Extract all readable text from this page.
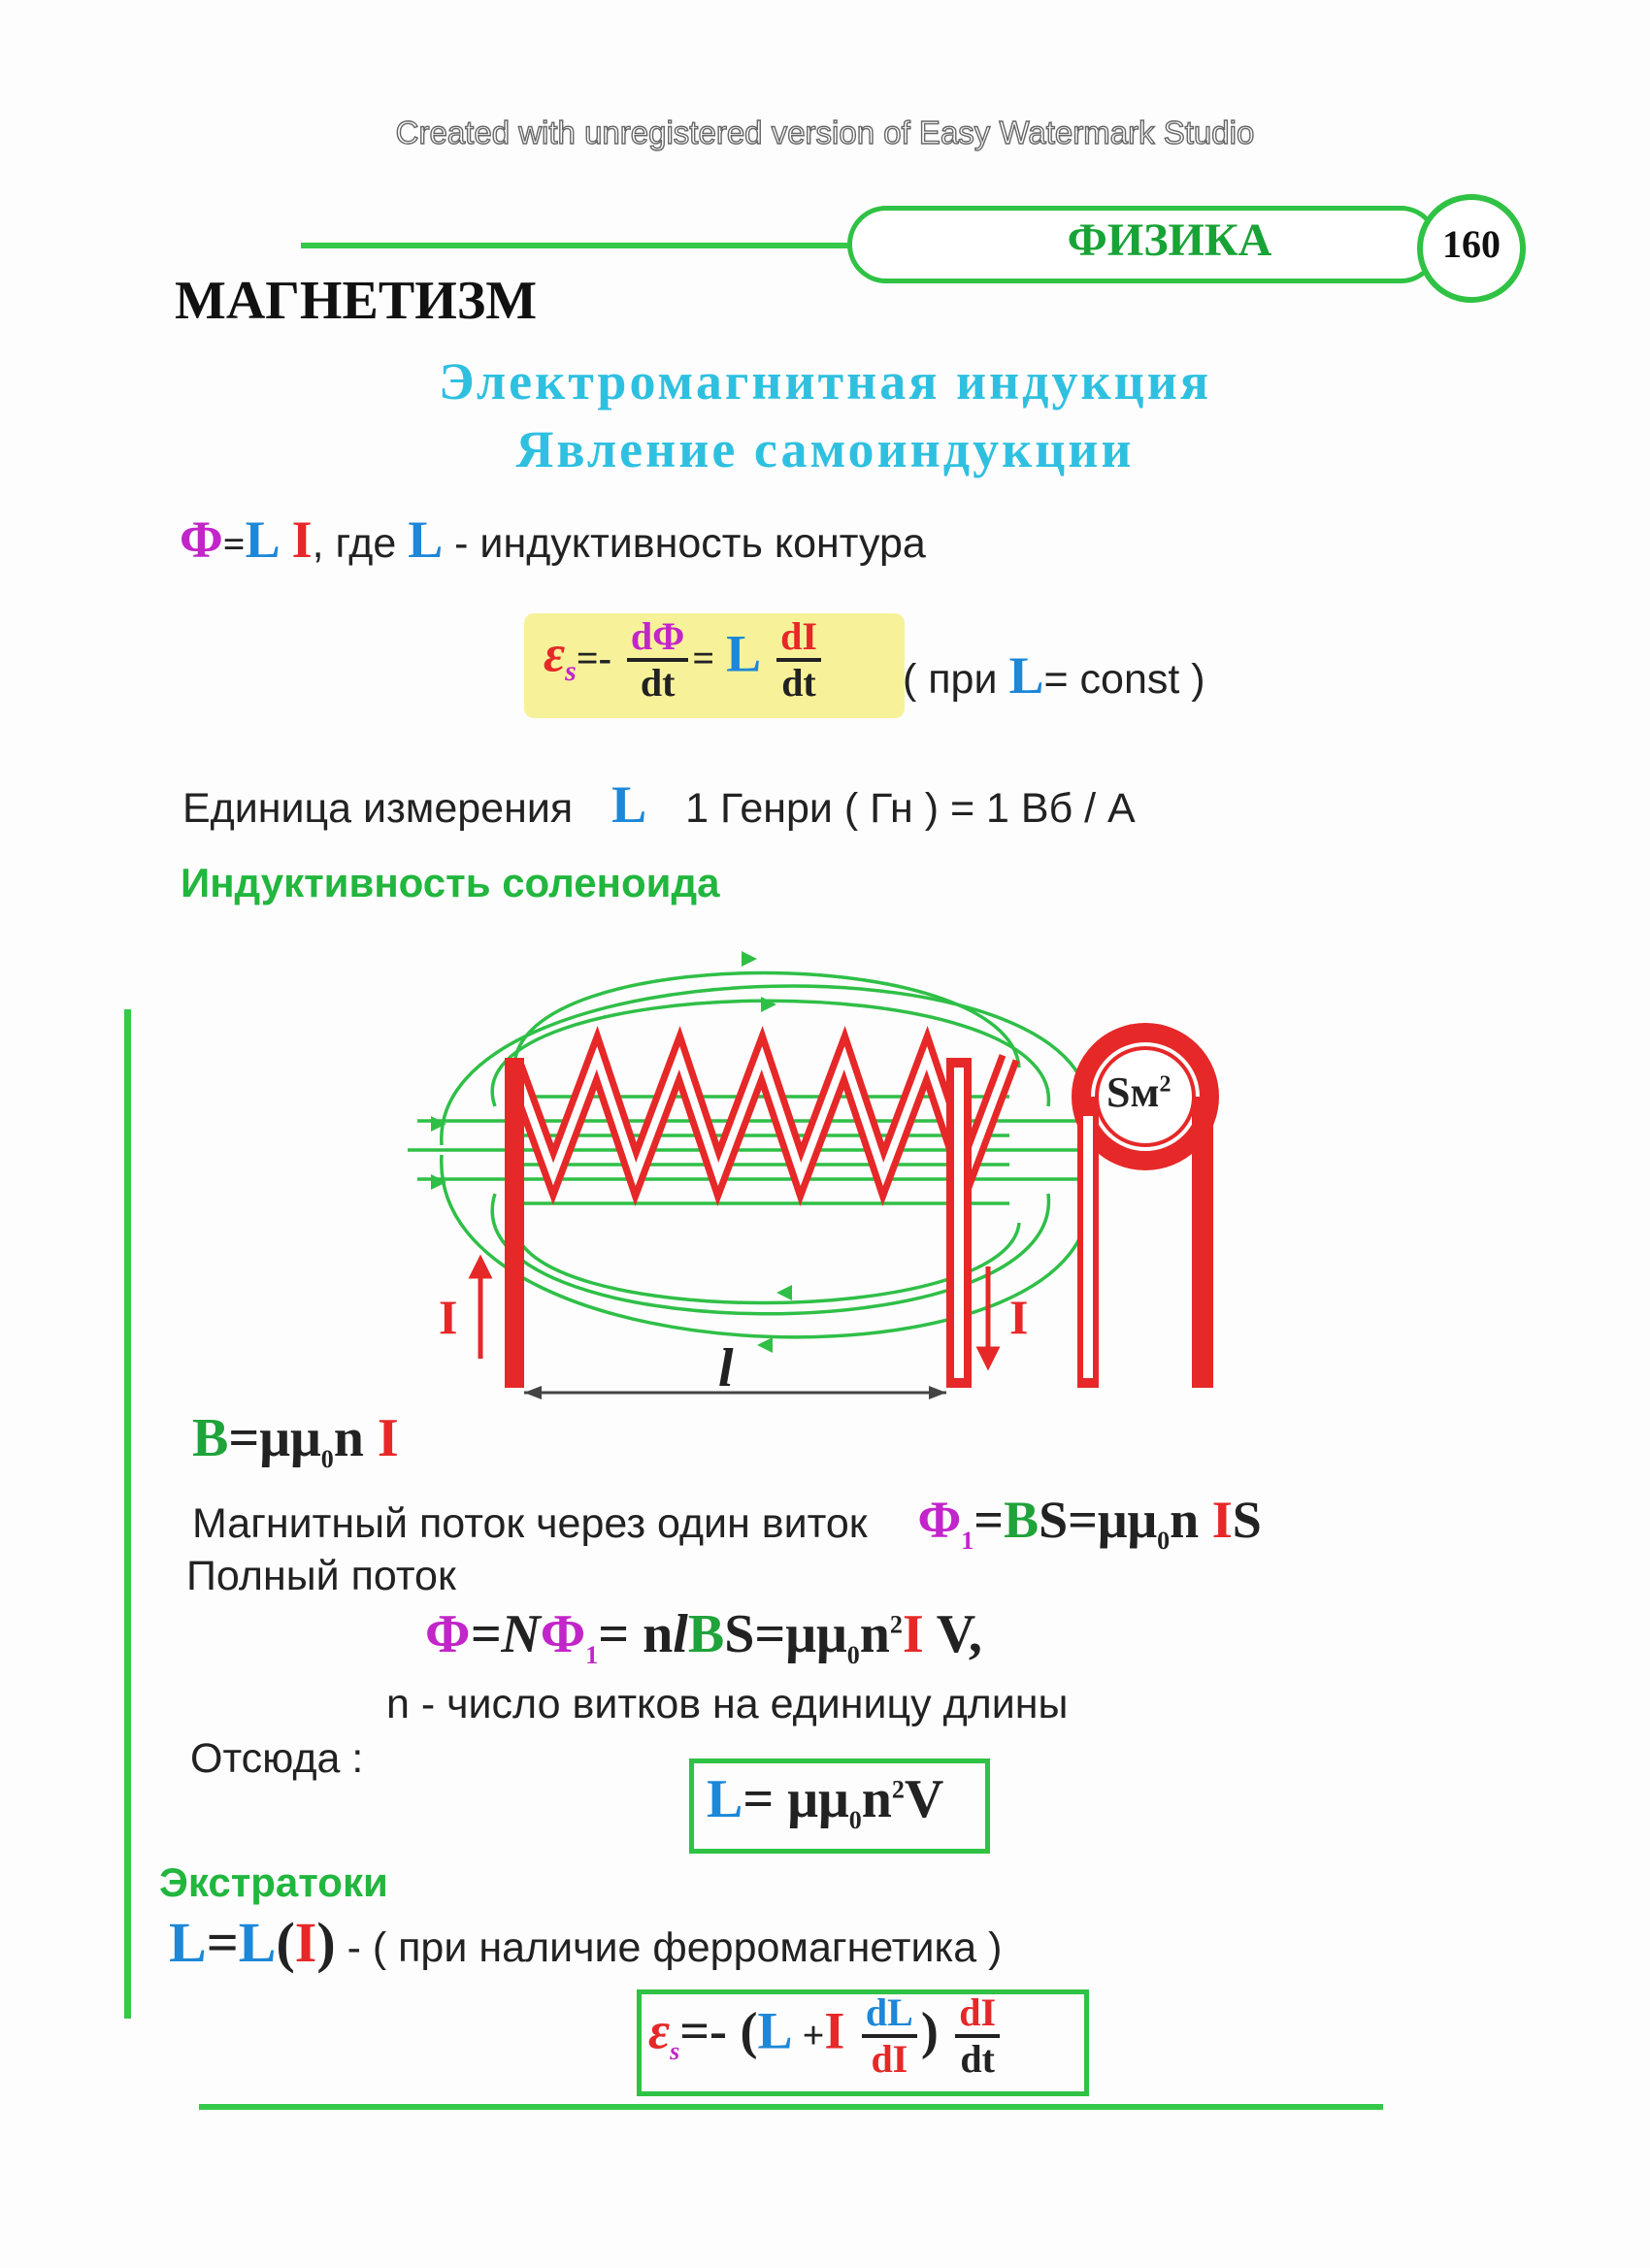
Created with unregistered version of Easy Watermark Studio
ФИЗИКА	160
МАГНЕТИЗМ
Электромагнитная индукция
Явление самоиндукции
Φ=L I, где L - индуктивность контура
$\varepsilon_s=- \frac{d\Phi}{dt} = L \frac{dI}{dt}$ ( при L= const )
Единица измерения L 1 Генри ( Гн ) = 1 Вб / А
Индуктивность соленоида
I	I
l
$Sм^2$
$B=\mu\mu_0n$ I
Магнитный поток через один виток $\Phi_1=BS=\mu\mu_0n$ IS
Полный поток
$\Phi=N\Phi_1=$ $nlBS=\mu\mu_0n^2I$ V,
n - число витков на единицу длины
Отсюда :
$L= \mu\mu_0n^2V$
Экстратоки
L=L(I) - ( при наличие ферромагнетика )
$\varepsilon_s=-$ ($L +I \frac{dL}{dI}$ ) $\frac{dI}{dt}$
